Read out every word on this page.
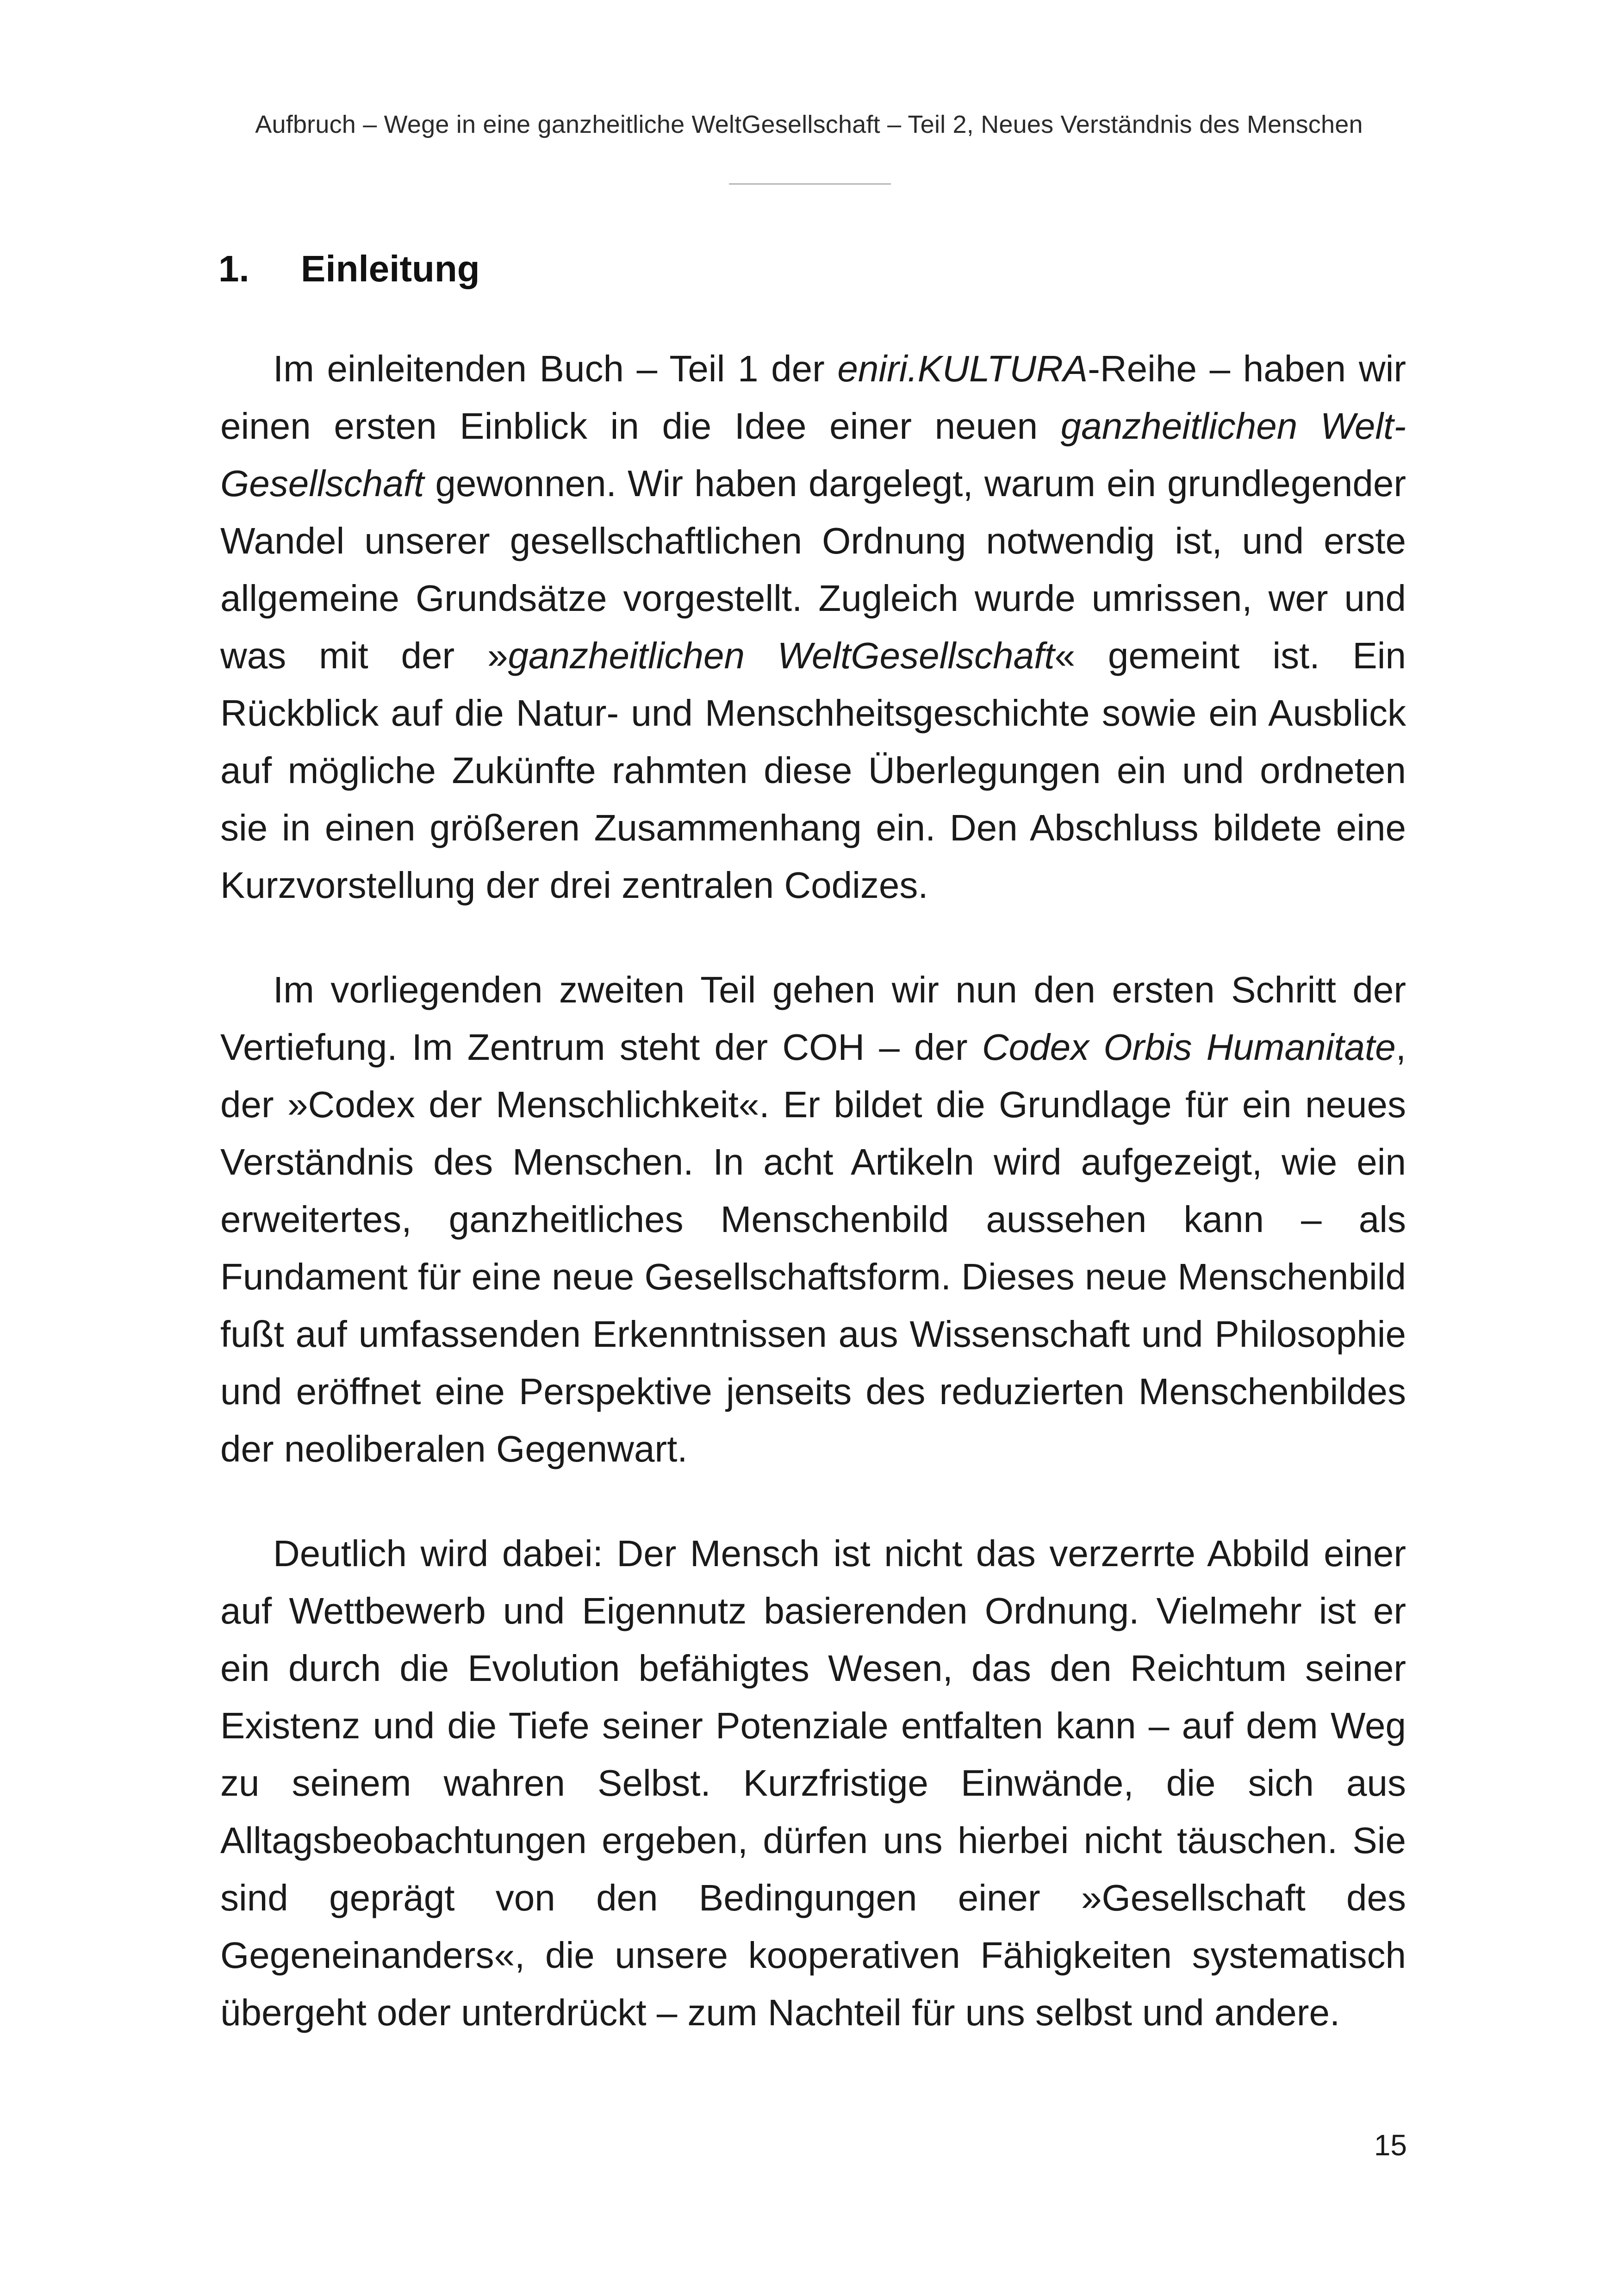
Aufbruch – Wege in eine ganzheitliche WeltGesellschaft – Teil 2, Neues Verständnis des Menschen
1. Einleitung

Im einleitenden Buch – Teil 1 der eniri.KULTURA-Reihe – haben wir einen ersten Einblick in die Idee einer neuen ganzheitlichen WeltGesellschaft gewonnen. Wir haben dargelegt, warum ein grundlegender Wandel unserer gesellschaftlichen Ordnung notwendig ist, und erste allgemeine Grundsätze vorgestellt. Zugleich wurde umrissen, wer und was mit der »ganzheitlichen WeltGesellschaft« gemeint ist. Ein Rückblick auf die Natur- und Menschheitsgeschichte sowie ein Ausblick auf mögliche Zukünfte rahmten diese Überlegungen ein und ordneten sie in einen größeren Zusammenhang ein. Den Abschluss bildete eine Kurzvorstellung der drei zentralen Codizes.

Im vorliegenden zweiten Teil gehen wir nun den ersten Schritt der Vertiefung. Im Zentrum steht der COH – der Codex Orbis Humanitate, der »Codex der Menschlichkeit«. Er bildet die Grundlage für ein neues Verständnis des Menschen. In acht Artikeln wird aufgezeigt, wie ein erweitertes, ganzheitliches Menschenbild aussehen kann – als Fundament für eine neue Gesellschaftsform. Dieses neue Menschenbild fußt auf umfassenden Erkenntnissen aus Wissenschaft und Philosophie und eröffnet eine Perspektive jenseits des reduzierten Menschenbildes der neoliberalen Gegenwart.

Deutlich wird dabei: Der Mensch ist nicht das verzerrte Abbild einer auf Wettbewerb und Eigennutz basierenden Ordnung. Vielmehr ist er ein durch die Evolution befähigtes Wesen, das den Reichtum seiner Existenz und die Tiefe seiner Potenziale entfalten kann – auf dem Weg zu seinem wahren Selbst. Kurzfristige Einwände, die sich aus Alltagsbeobachtungen ergeben, dürfen uns hierbei nicht täuschen. Sie sind geprägt von den Bedingungen einer »Gesellschaft des Gegeneinanders«, die unsere kooperativen Fähigkeiten systematisch übergeht oder unterdrückt – zum Nachteil für uns selbst und andere.

15
